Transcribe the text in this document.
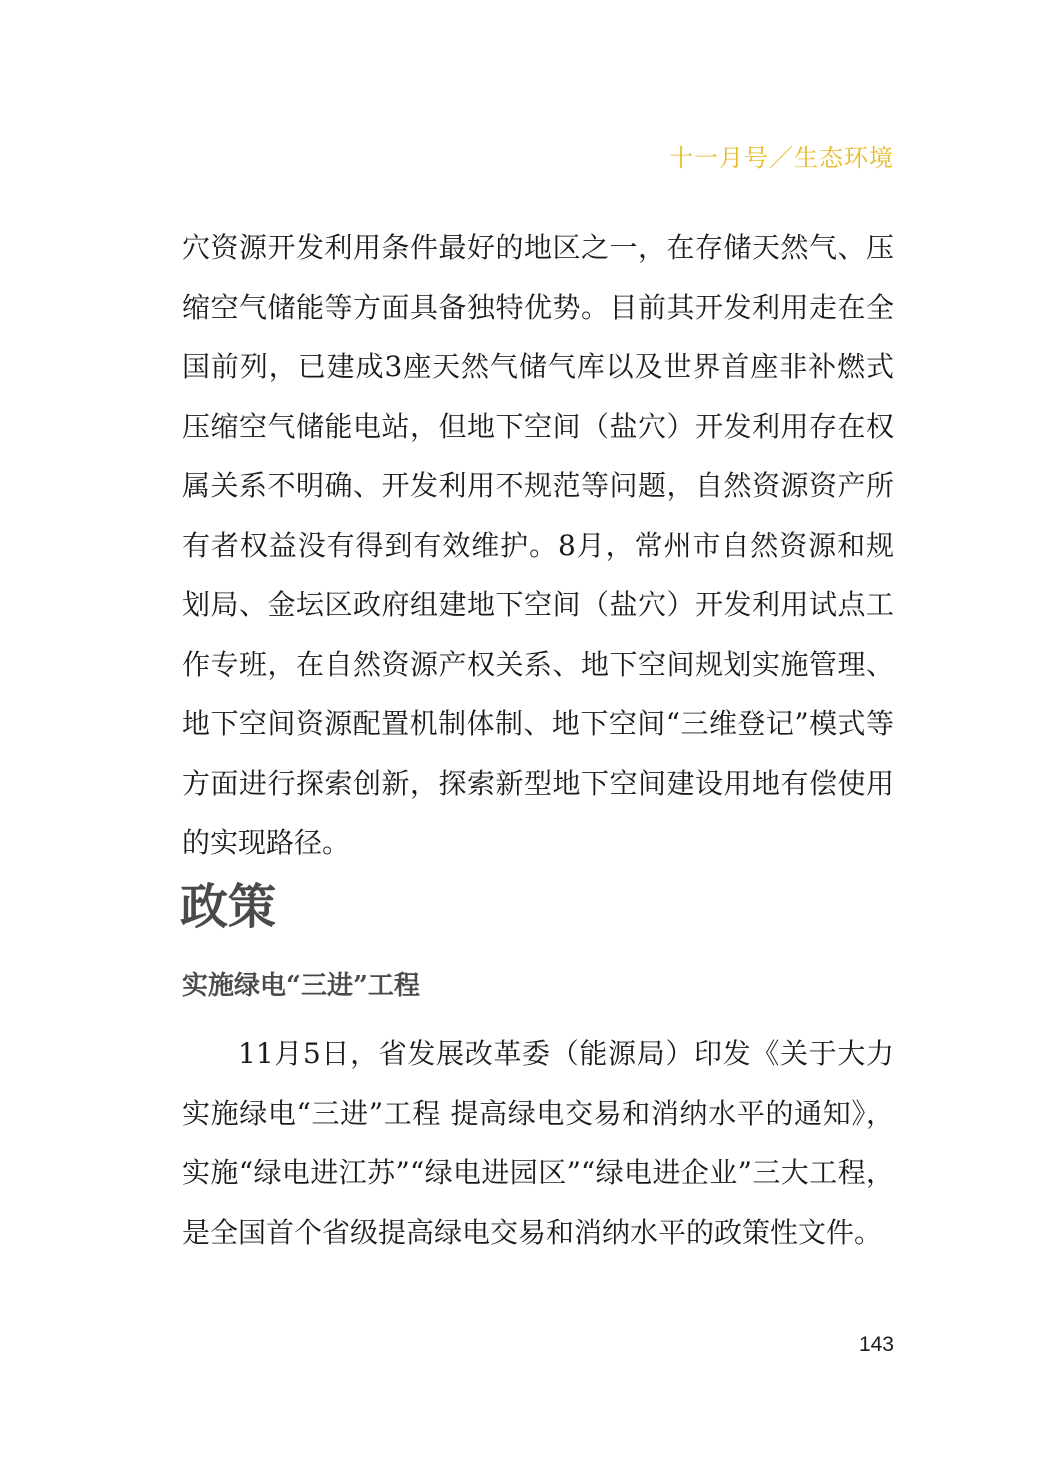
十一月号／生态环境

穴资源开发利用条件最好的地区之一，在存储天然气、压缩空气储能等方面具备独特优势。目前其开发利用走在全国前列，已建成3座天然气储气库以及世界首座非补燃式压缩空气储能电站，但地下空间（盐穴）开发利用存在权属关系不明确、开发利用不规范等问题，自然资源资产所有者权益没有得到有效维护。8月，常州市自然资源和规划局、金坛区政府组建地下空间（盐穴）开发利用试点工作专班，在自然资源产权关系、地下空间规划实施管理、地下空间资源配置机制体制、地下空间“三维登记”模式等方面进行探索创新，探索新型地下空间建设用地有偿使用的实现路径。

政策
实施绿电“三进”工程

11月5日，省发展改革委（能源局）印发《关于大力实施绿电“三进”工程 提高绿电交易和消纳水平的通知》，实施“绿电进江苏”“绿电进园区”“绿电进企业”三大工程，是全国首个省级提高绿电交易和消纳水平的政策性文件。

143
